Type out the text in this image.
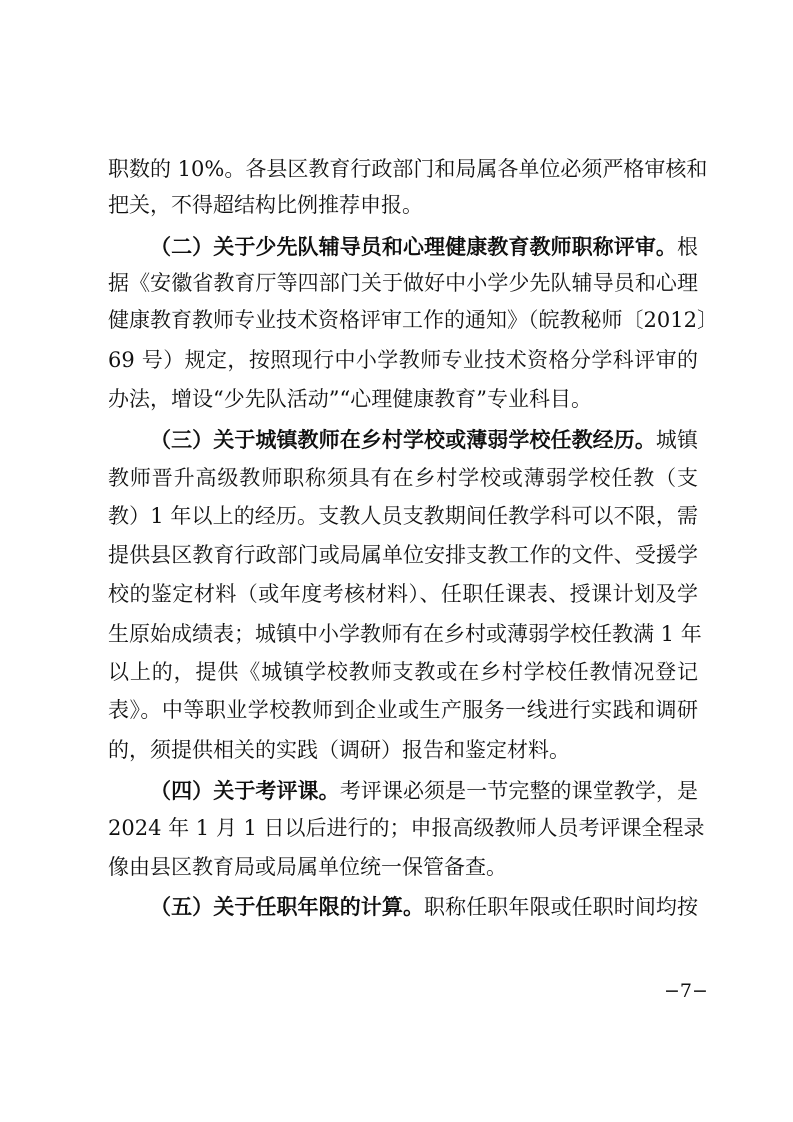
职数的 10%。各县区教育行政部门和局属各单位必须严格审核和
把关，不得超结构比例推荐申报。
（二）关于少先队辅导员和心理健康教育教师职称评审。根
据《安徽省教育厅等四部门关于做好中小学少先队辅导员和心理
健康教育教师专业技术资格评审工作的通知》（皖教秘师〔2012〕
69 号）规定，按照现行中小学教师专业技术资格分学科评审的
办法，增设“少先队活动”“心理健康教育”专业科目。
（三）关于城镇教师在乡村学校或薄弱学校任教经历。城镇
教师晋升高级教师职称须具有在乡村学校或薄弱学校任教（支
教）1 年以上的经历。支教人员支教期间任教学科可以不限，需
提供县区教育行政部门或局属单位安排支教工作的文件、受援学
校的鉴定材料（或年度考核材料）、任职任课表、授课计划及学
生原始成绩表；城镇中小学教师有在乡村或薄弱学校任教满 1 年
以上的，提供《城镇学校教师支教或在乡村学校任教情况登记
表》。中等职业学校教师到企业或生产服务一线进行实践和调研
的，须提供相关的实践（调研）报告和鉴定材料。
（四）关于考评课。考评课必须是一节完整的课堂教学，是
2024 年 1 月 1 日以后进行的；申报高级教师人员考评课全程录
像由县区教育局或局属单位统一保管备查。
（五）关于任职年限的计算。职称任职年限或任职时间均按
−7−
